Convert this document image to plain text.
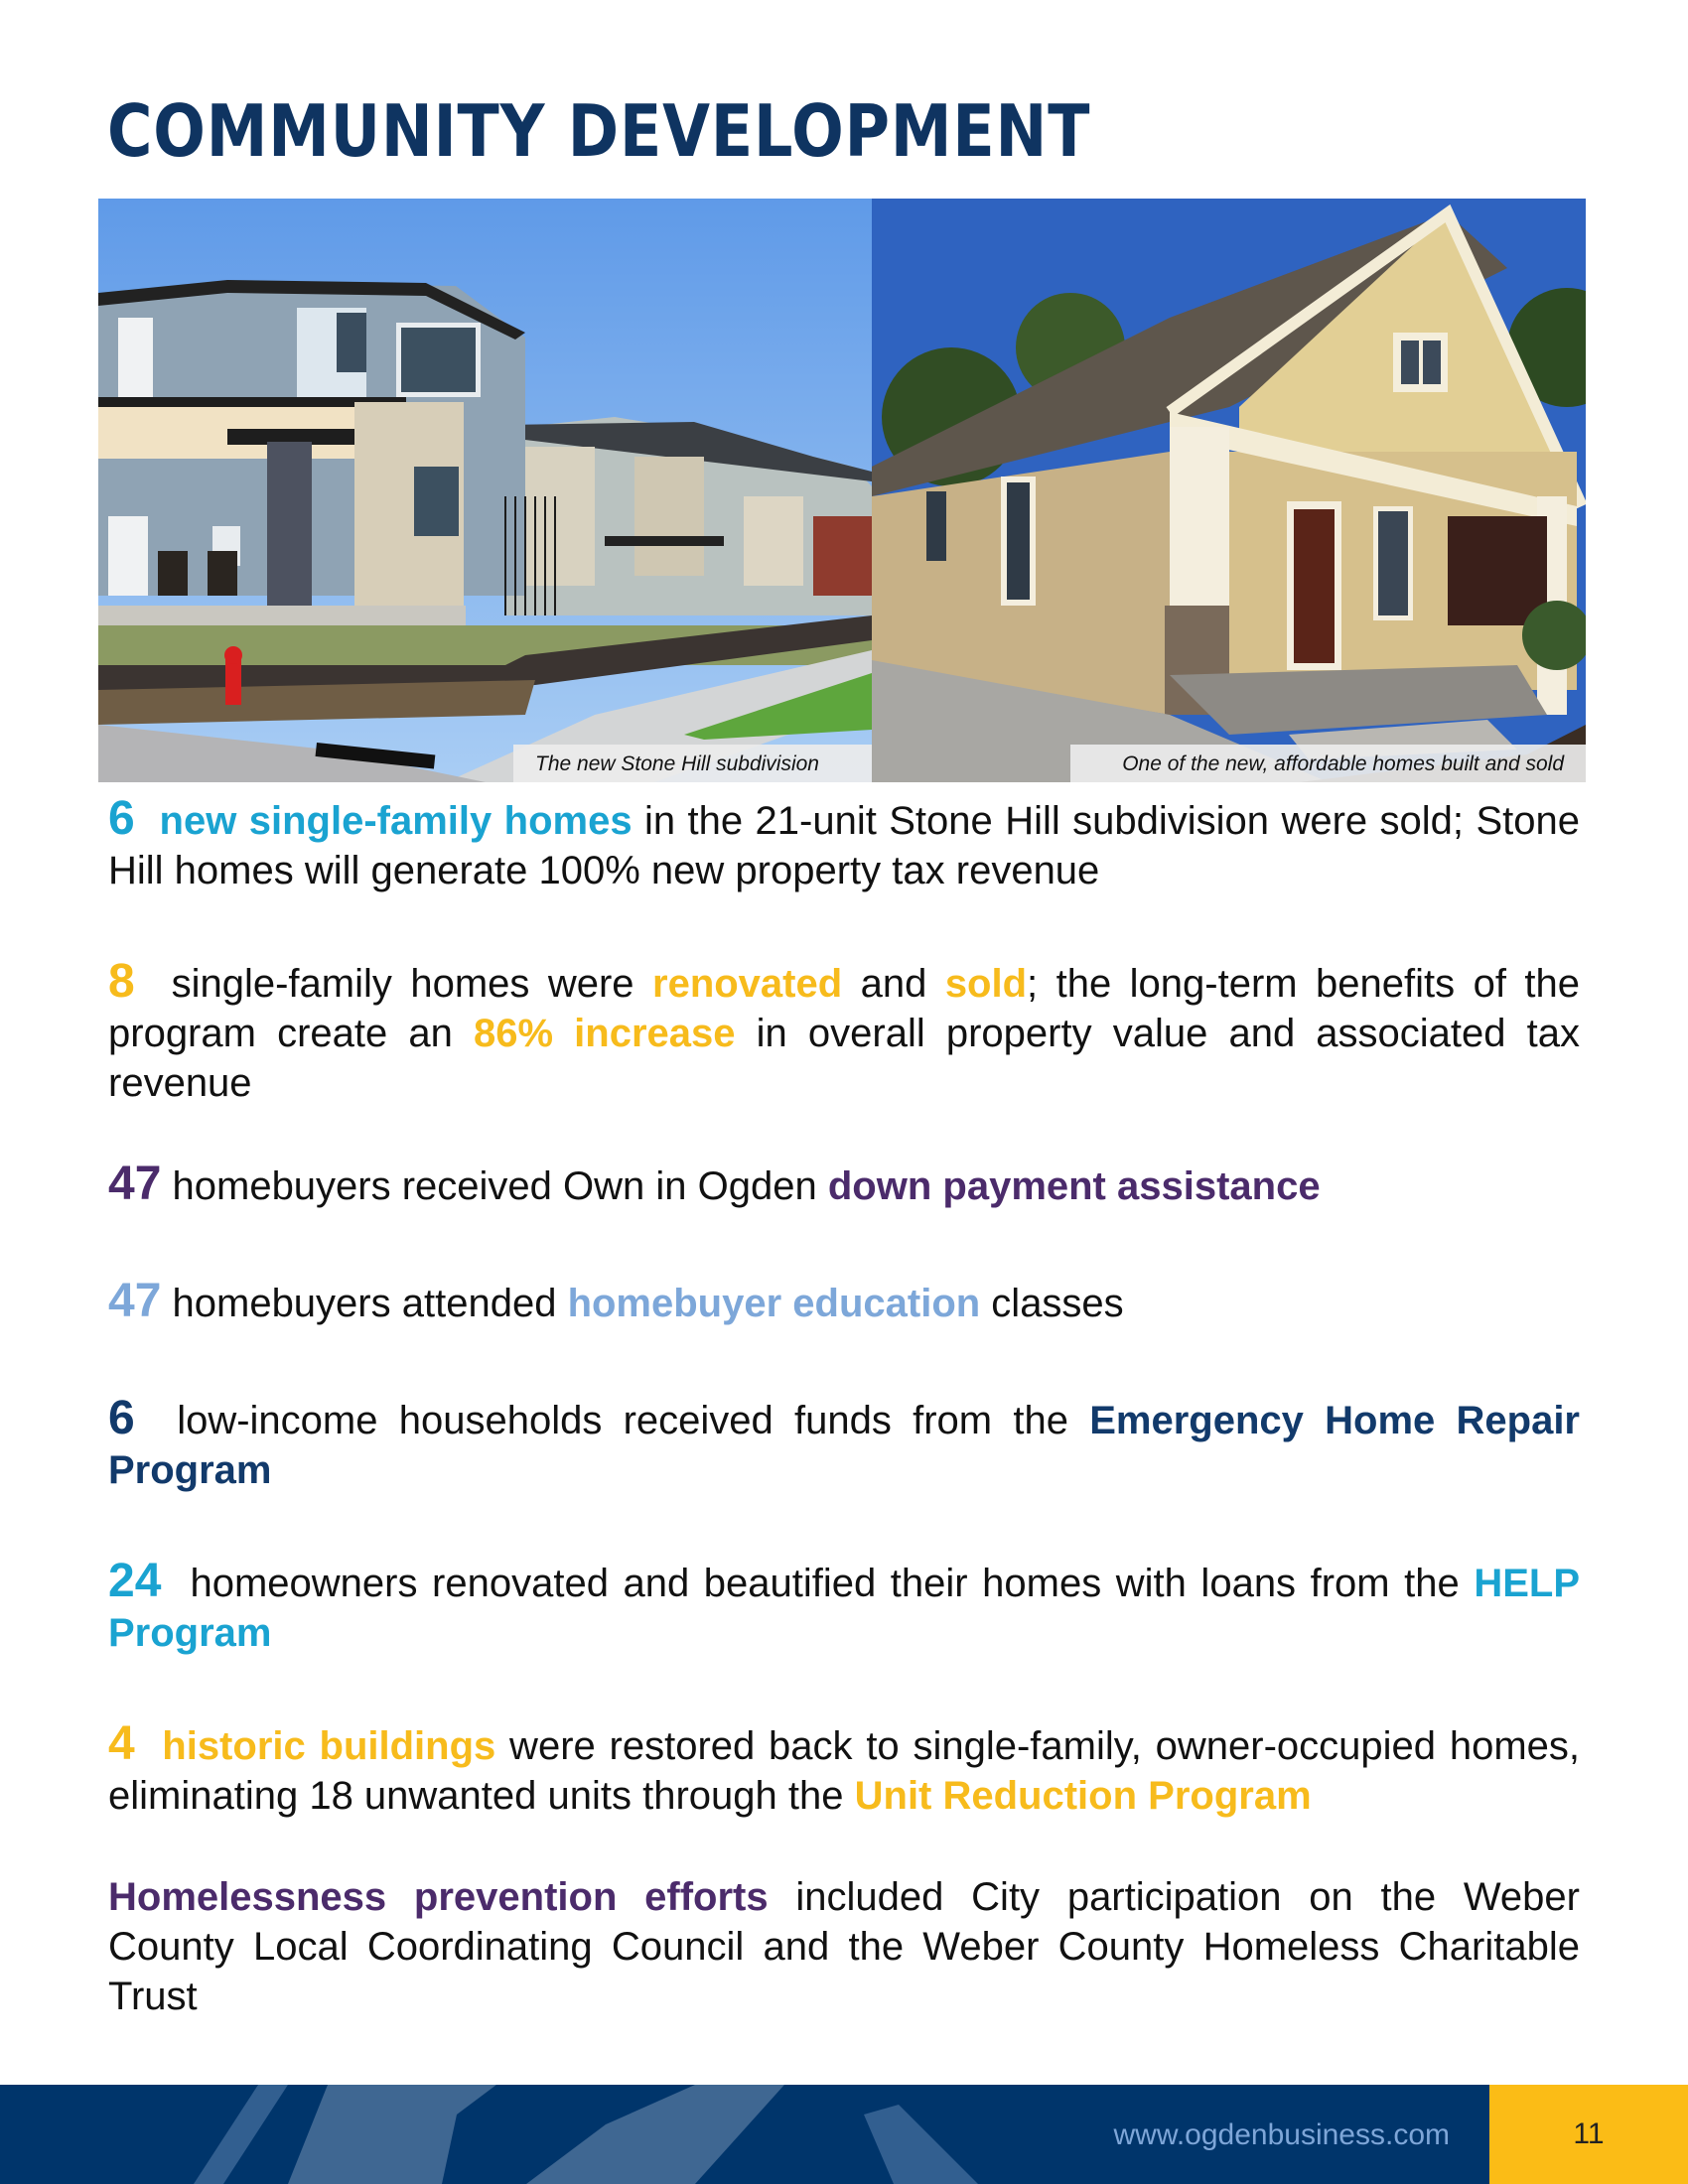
COMMUNITY DEVELOPMENT
The new Stone Hill subdivision	One of the new, affordable homes built and sold

6 new single-family homes in the 21-unit Stone Hill subdivision were sold; Stone Hill homes will generate 100% new property tax revenue

8  single-family homes were renovated and sold; the long-term benefits of the program create an 86% increase in overall property value and associated tax revenue

47 homebuyers received Own in Ogden down payment assistance

47 homebuyers attended homebuyer education classes

6  low-income households received funds from the Emergency Home Repair Program

24  homeowners renovated and beautified their homes with loans from the HELP Program

4 historic buildings were restored back to single-family, owner-occupied homes, eliminating 18 unwanted units through the Unit Reduction Program

Homelessness prevention efforts included City participation on the Weber County Local Coordinating Council and the Weber County Homeless Charitable Trust

www.ogdenbusiness.com	11
